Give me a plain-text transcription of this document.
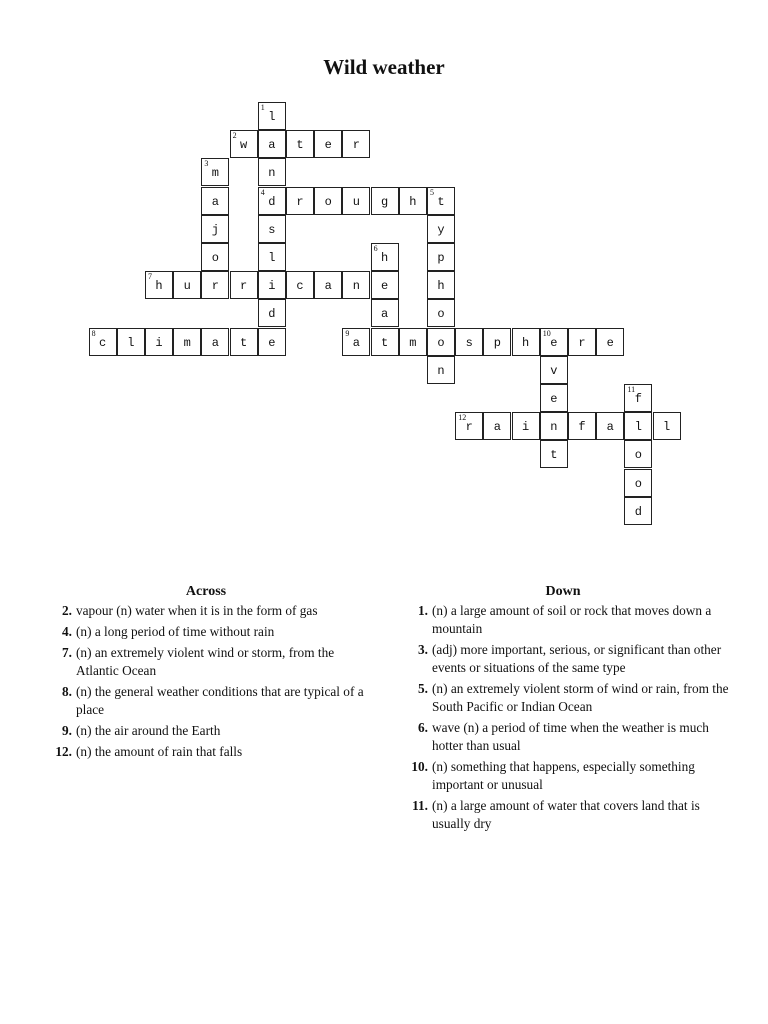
Wild weather
1
l
a
n
4
d
s
l
i
d
e
2
w	t	e	r
3
m
a
j
o
r
r	o	u	g	h
5
t
y
p
h
o
o
n
6
h
e
a
t
7
h	u	r	c	a	n
8
c	l	i	m	a	t
9
a	m	s	p	h
10
e	r	e
v
e
n
t
11
f
l
o
o
d
12
r	a	i	f	a	l
Across
2. vapour (n) water when it is in the form of gas
4. (n) a long period of time without rain
7. (n) an extremely violent wind or storm, from the Atlantic Ocean
8. (n) the general weather conditions that are typical of a place
9. (n) the air around the Earth
12. (n) the amount of rain that falls
Down
1. (n) a large amount of soil or rock that moves down a mountain
3. (adj) more important, serious, or significant than other events or situations of the same type
5. (n) an extremely violent storm of wind or rain, from the South Pacific or Indian Ocean
6. wave (n) a period of time when the weather is much hotter than usual
10. (n) something that happens, especially something important or unusual
11. (n) a large amount of water that covers land that is usually dry
